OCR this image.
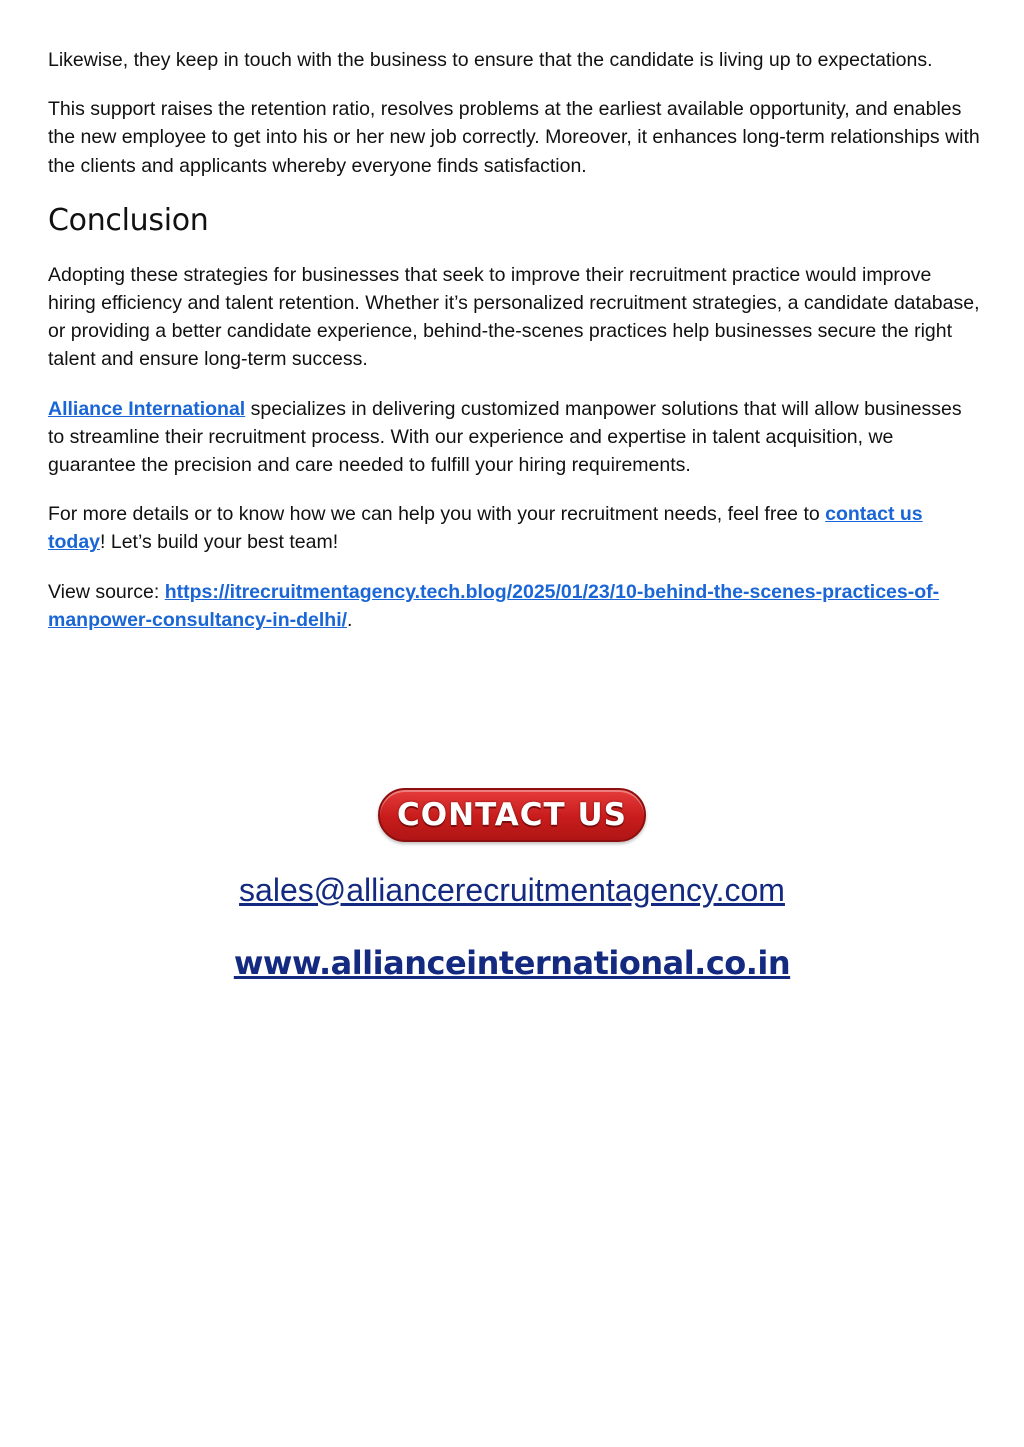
Likewise, they keep in touch with the business to ensure that the candidate is living up to expectations.

This support raises the retention ratio, resolves problems at the earliest available opportunity, and enables the new employee to get into his or her new job correctly. Moreover, it enhances long-term relationships with the clients and applicants whereby everyone finds satisfaction.

Conclusion

Adopting these strategies for businesses that seek to improve their recruitment practice would improve hiring efficiency and talent retention. Whether it’s personalized recruitment strategies, a candidate database, or providing a better candidate experience, behind-the-scenes practices help businesses secure the right talent and ensure long-term success.

Alliance International specializes in delivering customized manpower solutions that will allow businesses to streamline their recruitment process. With our experience and expertise in talent acquisition, we guarantee the precision and care needed to fulfill your hiring requirements.

For more details or to know how we can help you with your recruitment needs, feel free to contact us today! Let’s build your best team!

View source: https://itrecruitmentagency.tech.blog/2025/01/23/10-behind-the-scenes-practices-of-manpower-consultancy-in-delhi/.

CONTACT US
sales@alliancerecruitmentagency.com
www.allianceinternational.co.in
